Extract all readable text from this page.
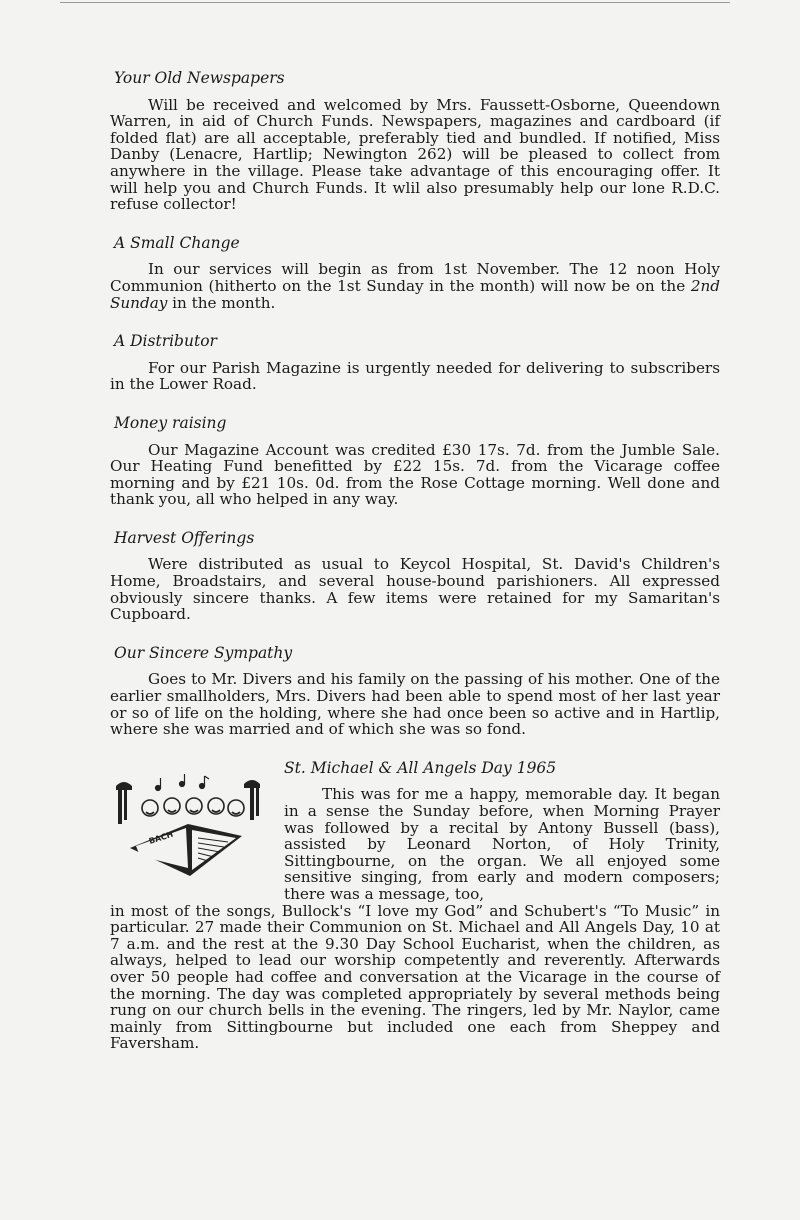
Your Old Newspapers

Will be received and welcomed by Mrs. Faussett-Osborne, Queendown Warren, in aid of Church Funds. Newspapers, magazines and cardboard (if folded flat) are all acceptable, preferably tied and bundled. If notified, Miss Danby (Lenacre, Hartlip; Newington 262) will be pleased to collect from anywhere in the village. Please take advantage of this encouraging offer. It will help you and Church Funds. It wlil also presumably help our lone R.D.C. refuse collector!

A Small Change

In our services will begin as from 1st November. The 12 noon Holy Communion (hitherto on the 1st Sunday in the month) will now be on the 2nd Sunday in the month.

A Distributor

For our Parish Magazine is urgently needed for delivering to subscribers in the Lower Road.

Money raising

Our Magazine Account was credited £30 17s. 7d. from the Jumble Sale. Our Heating Fund benefitted by £22 15s. 7d. from the Vicarage coffee morning and by £21 10s. 0d. from the Rose Cottage morning. Well done and thank you, all who helped in any way.

Harvest Offerings

Were distributed as usual to Keycol Hospital, St. David's Children's Home, Broadstairs, and several house-bound parishioners. All expressed obviously sincere thanks. A few items were retained for my Samaritan's Cupboard.

Our Sincere Sympathy

Goes to Mr. Divers and his family on the passing of his mother. One of the earlier smallholders, Mrs. Divers had been able to spend most of her last year or so of life on the holding, where she had once been so active and in Hartlip, where she was married and of which she was so fond.

BACH
St. Michael & All Angels Day 1965

This was for me a happy, memorable day. It began in a sense the Sunday before, when Morning Prayer was followed by a recital by Antony Bussell (bass), assisted by Leonard Norton, of Holy Trinity, Sittingbourne, on the organ. We all enjoyed some sensitive singing, from early and modern composers; there was a message, too,

in most of the songs, Bullock's “I love my God” and Schubert's “To Music” in particular. 27 made their Communion on St. Michael and All Angels Day, 10 at 7 a.m. and the rest at the 9.30 Day School Eucharist, when the children, as always, helped to lead our worship competently and reverently. Afterwards over 50 people had coffee and conversation at the Vicarage in the course of the morning. The day was completed appropriately by several methods being rung on our church bells in the evening. The ringers, led by Mr. Naylor, came mainly from Sittingbourne but included one each from Sheppey and Faversham.
